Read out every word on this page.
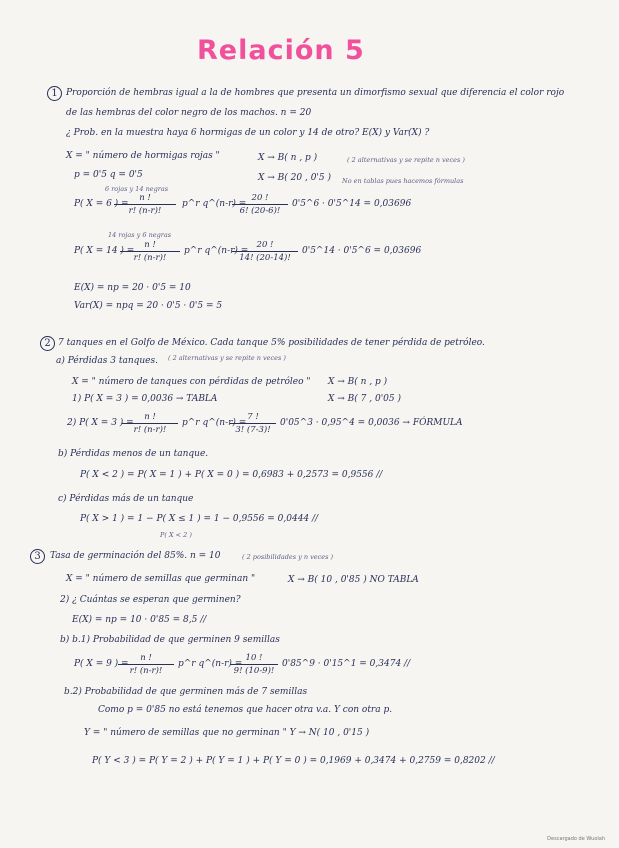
Relación 5
1 Proporción de hembras igual a la de hombres que presenta un dimorfismo sexual que diferencia el color rojo
de las hembras del color negro de los machos. n = 20
¿ Prob. en la muestra haya 6 hormigas de un color y 14 de otro? E(X) y Var(X) ?
X = " número de hormigas rojas "	X → B( n , p )	( 2 alternativas y se repite n veces )
p = 0'5 q = 0'5	X → B( 20 , 0'5 ) No en tablas pues hacemos fórmulas
6 rojas y 14 negras
P( X = 6 ) =
n !
r! (n-r)!
p^r q^(n-r) =
20 !
6! (20-6)!
0'5^6 · 0'5^14 = 0,03696
14 rojas y 6 negras
P( X = 14 ) =
n !
r! (n-r)!
p^r q^(n-r) =
20 !
14! (20-14)!
0'5^14 · 0'5^6 = 0,03696
E(X) = np = 20 · 0'5 = 10
Var(X) = npq = 20 · 0'5 · 0'5 = 5
2 7 tanques en el Golfo de México. Cada tanque 5% posibilidades de tener pérdida de petróleo.
a) Pérdidas 3 tanques. ( 2 alternativas y se repite n veces )
X = " número de tanques con pérdidas de petróleo " X → B( n , p )
X → B( 7 , 0'05 )
1) P( X = 3 ) = 0,0036 → TABLA
2) P( X = 3 ) =
n !
r! (n-r)!
p^r q^(n-r) =
7 !
3! (7-3)!
0'05^3 · 0,95^4 = 0,0036 → FÓRMULA
b) Pérdidas menos de un tanque.
P( X < 2 ) = P( X = 1 ) + P( X = 0 ) = 0,6983 + 0,2573 = 0,9556 //
c) Pérdidas más de un tanque
P( X > 1 ) = 1 − P( X ≤ 1 ) = 1 − 0,9556 = 0,0444 //
P( X < 2 )
3	Tasa de germinación del 85%. n = 10	( 2 posibilidades y n veces )
X = " número de semillas que germinan "	X → B( 10 , 0'85 ) NO TABLA
2) ¿ Cuántas se esperan que germinen?
E(X) = np = 10 · 0'85 = 8,5 //
b) b.1) Probabilidad de que germinen 9 semillas
P( X = 9 ) =
n !
r! (n-r)!
p^r q^(n-r) =
10 !
9! (10-9)!
0'85^9 · 0'15^1 = 0,3474 //
b.2) Probabilidad de que germinen más de 7 semillas
Como p = 0'85 no está tenemos que hacer otra v.a. Y con otra p.
Y = " número de semillas que no germinan " Y → N( 10 , 0'15 )
P( Y < 3 ) = P( Y = 2 ) + P( Y = 1 ) + P( Y = 0 ) = 0,1969 + 0,3474 + 0,2759 = 0,8202 //
Descargado de Wuolah
